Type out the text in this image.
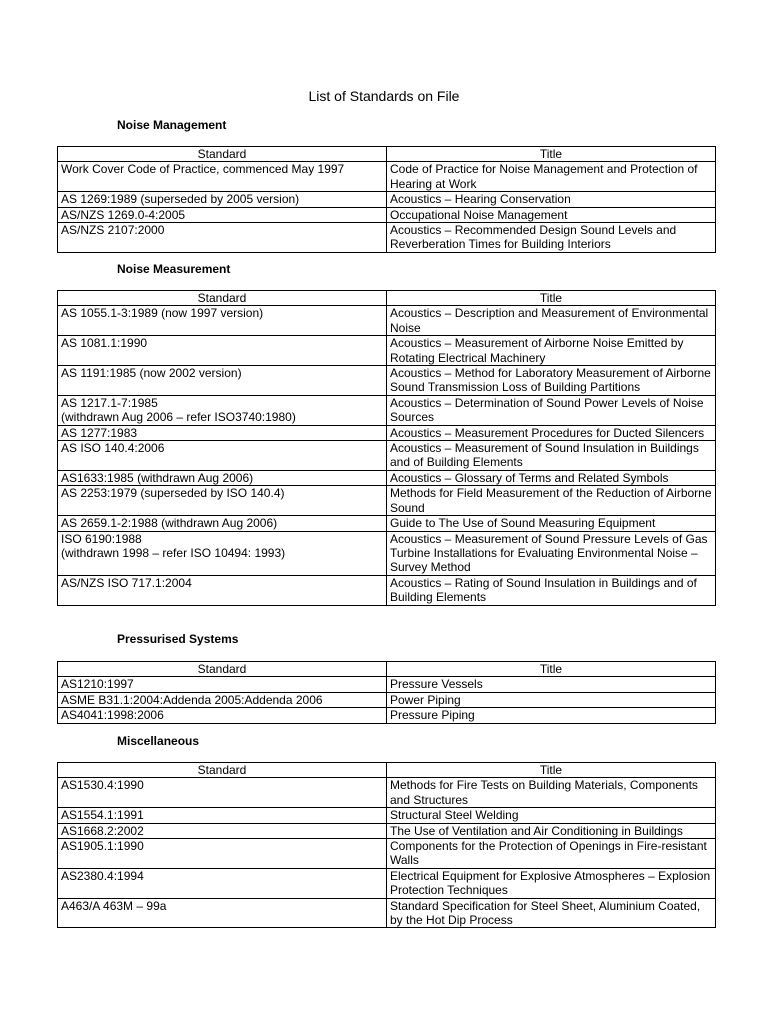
List of Standards on File
Noise Management
Standard	Title
Work Cover Code of Practice, commenced May 1997	Code of Practice for Noise Management and Protection of Hearing at Work
AS 1269:1989 (superseded by 2005 version)	Acoustics – Hearing Conservation
AS/NZS 1269.0-4:2005	Occupational Noise Management
AS/NZS 2107:2000	Acoustics – Recommended Design Sound Levels and Reverberation Times for Building Interiors
Noise Measurement
Standard	Title
AS 1055.1-3:1989 (now 1997 version)	Acoustics – Description and Measurement of Environmental Noise
AS 1081.1:1990	Acoustics – Measurement of Airborne Noise Emitted by Rotating Electrical Machinery
AS 1191:1985 (now 2002 version)	Acoustics – Method for Laboratory Measurement of Airborne Sound Transmission Loss of Building Partitions

AS 1217.1-7:1985
(withdrawn Aug 2006 – refer ISO3740:1980)	Acoustics – Determination of Sound Power Levels of Noise Sources
AS 1277:1983	Acoustics – Measurement Procedures for Ducted Silencers
AS ISO 140.4:2006	Acoustics – Measurement of Sound Insulation in Buildings and of Building Elements
AS1633:1985 (withdrawn Aug 2006)	Acoustics – Glossary of Terms and Related Symbols
AS 2253:1979 (superseded by ISO 140.4)	Methods for Field Measurement of the Reduction of Airborne Sound
AS 2659.1-2:1988 (withdrawn Aug 2006)	Guide to The Use of Sound Measuring Equipment

ISO 6190:1988
(withdrawn 1998 – refer ISO 10494: 1993)	Acoustics – Measurement of Sound Pressure Levels of Gas Turbine Installations for Evaluating Environmental Noise – Survey Method
AS/NZS ISO 717.1:2004	Acoustics – Rating of Sound Insulation in Buildings and of Building Elements
Pressurised Systems
Standard	Title
AS1210:1997	Pressure Vessels
ASME B31.1:2004:Addenda 2005:Addenda 2006	Power Piping
AS4041:1998:2006	Pressure Piping
Miscellaneous
Standard	Title
AS1530.4:1990	Methods for Fire Tests on Building Materials, Components and Structures
AS1554.1:1991	Structural Steel Welding
AS1668.2:2002	The Use of Ventilation and Air Conditioning in Buildings
AS1905.1:1990	Components for the Protection of Openings in Fire-resistant Walls
AS2380.4:1994	Electrical Equipment for Explosive Atmospheres – Explosion Protection Techniques
A463/A 463M – 99a	Standard Specification for Steel Sheet, Aluminium Coated, by the Hot Dip Process
